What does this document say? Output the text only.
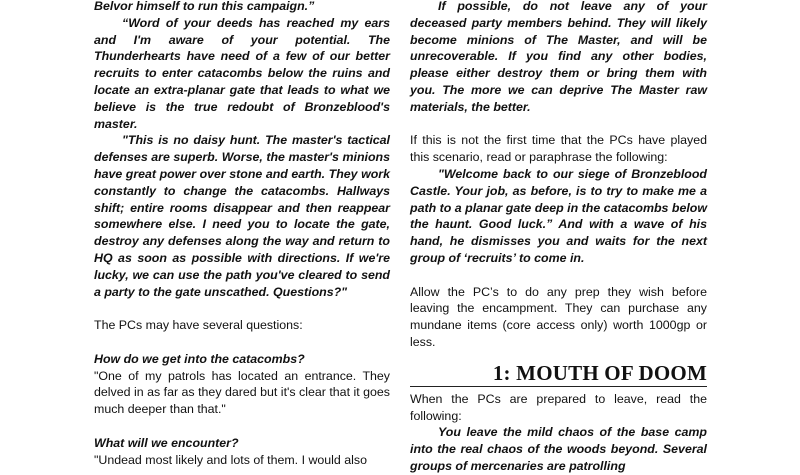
Belvor himself to run this campaign.”

“Word of your deeds has reached my ears and I'm aware of your potential. The Thunderhearts have need of a few of our better recruits to enter catacombs below the ruins and locate an extra-planar gate that leads to what we believe is the true redoubt of Bronzeblood's master.

"This is no daisy hunt. The master's tactical defenses are superb. Worse, the master's minions have great power over stone and earth. They work constantly to change the catacombs. Hallways shift; entire rooms disappear and then reappear somewhere else. I need you to locate the gate, destroy any defenses along the way and return to HQ as soon as possible with directions. If we're lucky, we can use the path you've cleared to send a party to the gate unscathed. Questions?"

The PCs may have several questions:

How do we get into the catacombs?

"One of my patrols has located an entrance. They delved in as far as they dared but it's clear that it goes much deeper than that."

What will we encounter?

"Undead most likely and lots of them. I would also

If possible, do not leave any of your deceased party members behind. They will likely become minions of The Master, and will be unrecoverable. If you find any other bodies, please either destroy them or bring them with you. The more we can deprive The Master raw materials, the better.

If this is not the first time that the PCs have played this scenario, read or paraphrase the following:

"Welcome back to our siege of Bronzeblood Castle. Your job, as before, is to try to make me a path to a planar gate deep in the catacombs below the haunt. Good luck.” And with a wave of his hand, he dismisses you and waits for the next group of ‘recruits’ to come in.

Allow the PC’s to do any prep they wish before leaving the encampment. They can purchase any mundane items (core access only) worth 1000gp or less.

1: MOUTH OF DOOM

When the PCs are prepared to leave, read the following:

You leave the mild chaos of the base camp into the real chaos of the woods beyond. Several groups of mercenaries are patrolling
